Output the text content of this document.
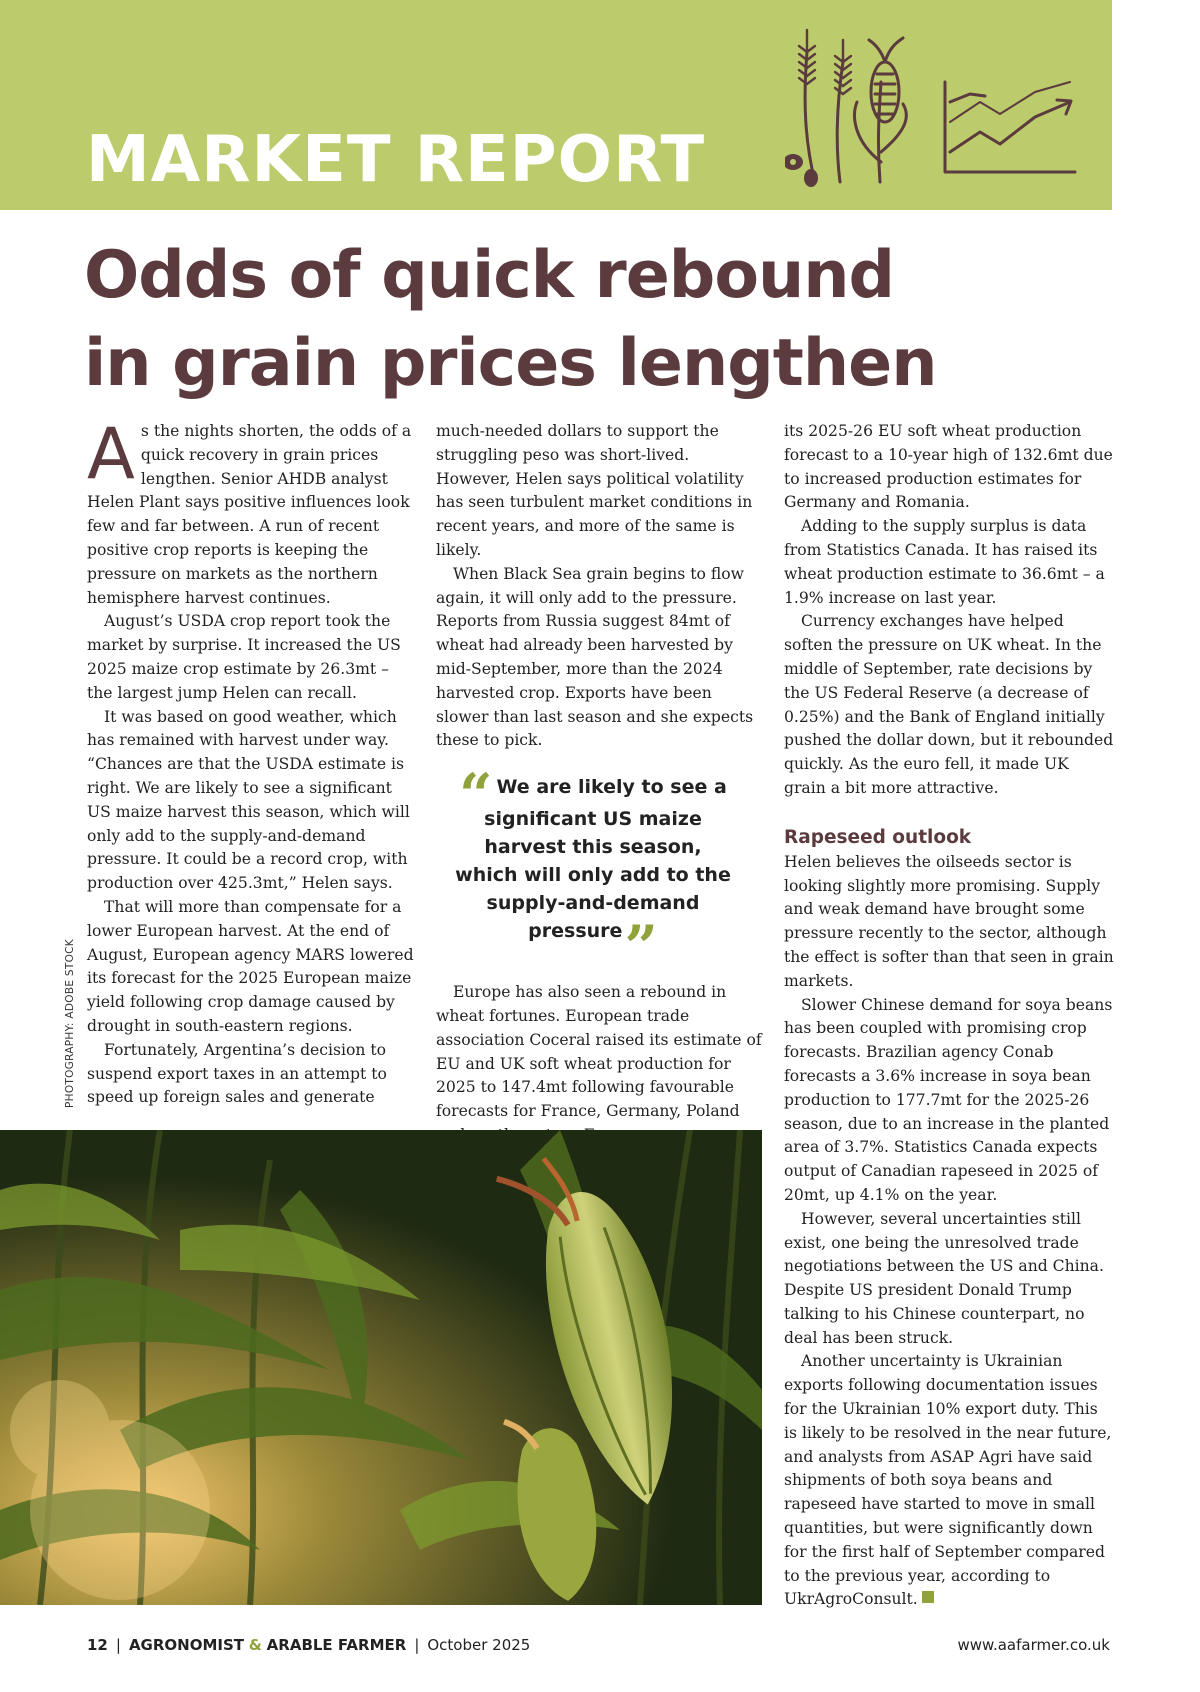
MARKET REPORT
Odds of quick rebound
in grain prices lengthen

As the nights shorten, the odds of a quick recovery in grain prices lengthen. Senior AHDB analyst Helen Plant says positive influences look few and far between. A run of recent positive crop reports is keeping the pressure on markets as the northern hemisphere harvest continues.

August’s USDA crop report took the market by surprise. It increased the US 2025 maize crop estimate by 26.3mt – the largest jump Helen can recall.

It was based on good weather, which has remained with harvest under way. “Chances are that the USDA estimate is right. We are likely to see a significant US maize harvest this season, which will only add to the supply-and-demand pressure. It could be a record crop, with production over 425.3mt,” Helen says.

That will more than compensate for a lower European harvest. At the end of August, European agency MARS lowered its forecast for the 2025 European maize yield following crop damage caused by drought in south-eastern regions.

Fortunately, Argentina’s decision to suspend export taxes in an attempt to speed up foreign sales and generate

much-needed dollars to support the struggling peso was short-lived. However, Helen says political volatility has seen turbulent market conditions in recent years, and more of the same is likely.

When Black Sea grain begins to flow again, it will only add to the pressure. Reports from Russia suggest 84mt of wheat had already been harvested by mid-September, more than the 2024 harvested crop. Exports have been slower than last season and she expects these to pick.

“ We are likely to see a significant US maize harvest this season, which will only add to the supply-and-demand pressure”

Europe has also seen a rebound in wheat fortunes. European trade association Coceral raised its estimate of EU and UK soft wheat production for 2025 to 147.4mt following favourable forecasts for France, Germany, Poland

its 2025-26 EU soft wheat production forecast to a 10-year high of 132.6mt due to increased production estimates for Germany and Romania.

Adding to the supply surplus is data from Statistics Canada. It has raised its wheat production estimate to 36.6mt – a 1.9% increase on last year.

Currency exchanges have helped soften the pressure on UK wheat. In the middle of September, rate decisions by the US Federal Reserve (a decrease of 0.25%) and the Bank of England initially pushed the dollar down, but it rebounded quickly. As the euro fell, it made UK grain a bit more attractive.

Rapeseed outlook

Helen believes the oilseeds sector is looking slightly more promising. Supply and weak demand have brought some pressure recently to the sector, although the effect is softer than that seen in grain markets.

Slower Chinese demand for soya beans has been coupled with promising crop forecasts. Brazilian agency Conab forecasts a 3.6% increase in soya bean production to 177.7mt for the 2025-26 season, due to an increase in the planted area of 3.7%. Statistics Canada expects output of Canadian rapeseed in 2025 of 20mt, up 4.1% on the year.

However, several uncertainties still exist, one being the unresolved trade negotiations between the US and China. Despite US president Donald Trump talking to his Chinese counterpart, no deal has been struck.

Another uncertainty is Ukrainian exports following documentation issues for the Ukrainian 10% export duty. This is likely to be resolved in the near future, and analysts from ASAP Agri have said shipments of both soya beans and rapeseed have started to move in small quantities, but were significantly down for the first half of September compared to the previous year, according to UkrAgroConsult.

PHOTOGRAPHY: ADOBE STOCK
12 | AGRONOMIST & ARABLE FARMER | October 2025	www.aafarmer.co.uk
